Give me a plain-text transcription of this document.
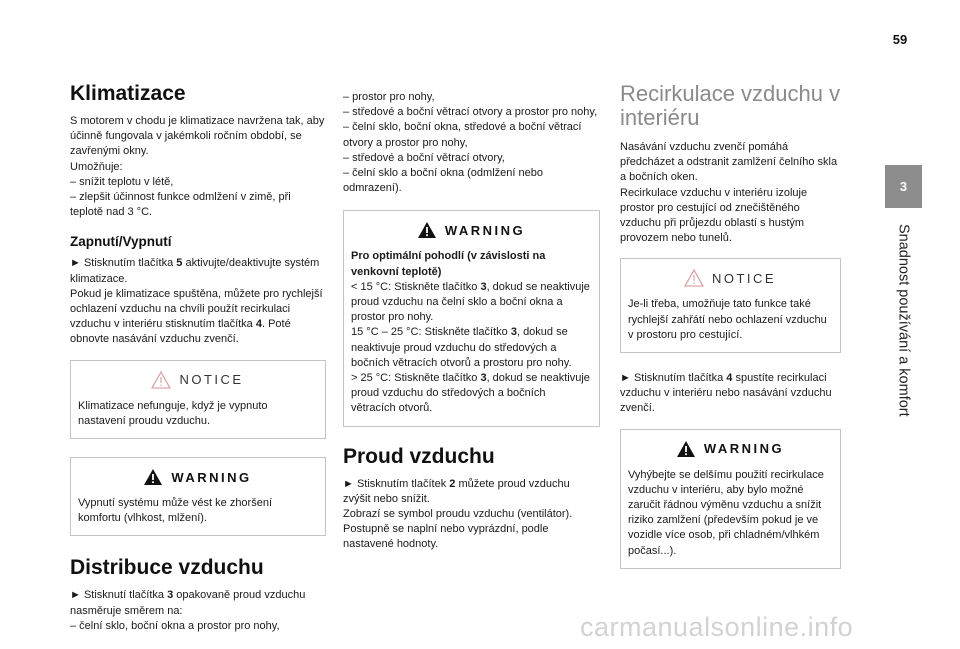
59
3
Snadnost používání a komfort
Klimatizace

S motorem v chodu je klimatizace navržena tak, aby účinně fungovala v jakémkoli ročním období, se zavřenými okny.

Umožňuje:

– snížit teplotu v létě,

– zlepšit účinnost funkce odmlžení v zimě, při teplotě nad 3 °C.

Zapnutí/Vypnutí

► Stisknutím tlačítka 5 aktivujte/deaktivujte systém klimatizace.

Pokud je klimatizace spuštěna, můžete pro rychlejší ochlazení vzduchu na chvíli použít recirkulaci vzduchu v interiéru stisknutím tlačítka 4. Poté obnovte nasávání vzduchu zvenčí.

NOTICE

Klimatizace nefunguje, když je vypnuto nastavení proudu vzduchu.

WARNING

Vypnutí systému může vést ke zhoršení komfortu (vlhkost, mlžení).

Distribuce vzduchu

► Stisknutí tlačítka 3 opakovaně proud vzduchu nasměruje směrem na:

– čelní sklo, boční okna a prostor pro nohy,

– prostor pro nohy,

– středové a boční větrací otvory a prostor pro nohy,

– čelní sklo, boční okna, středové a boční větrací otvory a prostor pro nohy,

– středové a boční větrací otvory,

– čelní sklo a boční okna (odmlžení nebo odmrazení).

WARNING

Pro optimální pohodlí (v závislosti na venkovní teplotě)

< 15 °C: Stiskněte tlačítko 3, dokud se neaktivuje proud vzduchu na čelní sklo a boční okna a prostor pro nohy.

15 °C – 25 °C: Stiskněte tlačítko 3, dokud se neaktivuje proud vzduchu do středových a bočních větracích otvorů a prostoru pro nohy.

> 25 °C: Stiskněte tlačítko 3, dokud se neaktivuje proud vzduchu do středových a bočních větracích otvorů.

Proud vzduchu

► Stisknutím tlačítek 2 můžete proud vzduchu zvýšit nebo snížit.

Zobrazí se symbol proudu vzduchu (ventilátor). Postupně se naplní nebo vyprázdní, podle nastavené hodnoty.

Recirkulace vzduchu v interiéru

Nasávání vzduchu zvenčí pomáhá předcházet a odstranit zamlžení čelního skla a bočních oken.

Recirkulace vzduchu v interiéru izoluje prostor pro cestující od znečištěného vzduchu při průjezdu oblastí s hustým provozem nebo tunelů.

NOTICE

Je-li třeba, umožňuje tato funkce také rychlejší zahřátí nebo ochlazení vzduchu v prostoru pro cestující.

► Stisknutím tlačítka 4 spustíte recirkulaci vzduchu v interiéru nebo nasávání vzduchu zvenčí.

WARNING

Vyhýbejte se delšímu použití recirkulace vzduchu v interiéru, aby bylo možné zaručit řádnou výměnu vzduchu a snížit riziko zamlžení (především pokud je ve vozidle více osob, při chladném/vlhkém počasí...).

carmanualsonline.info
